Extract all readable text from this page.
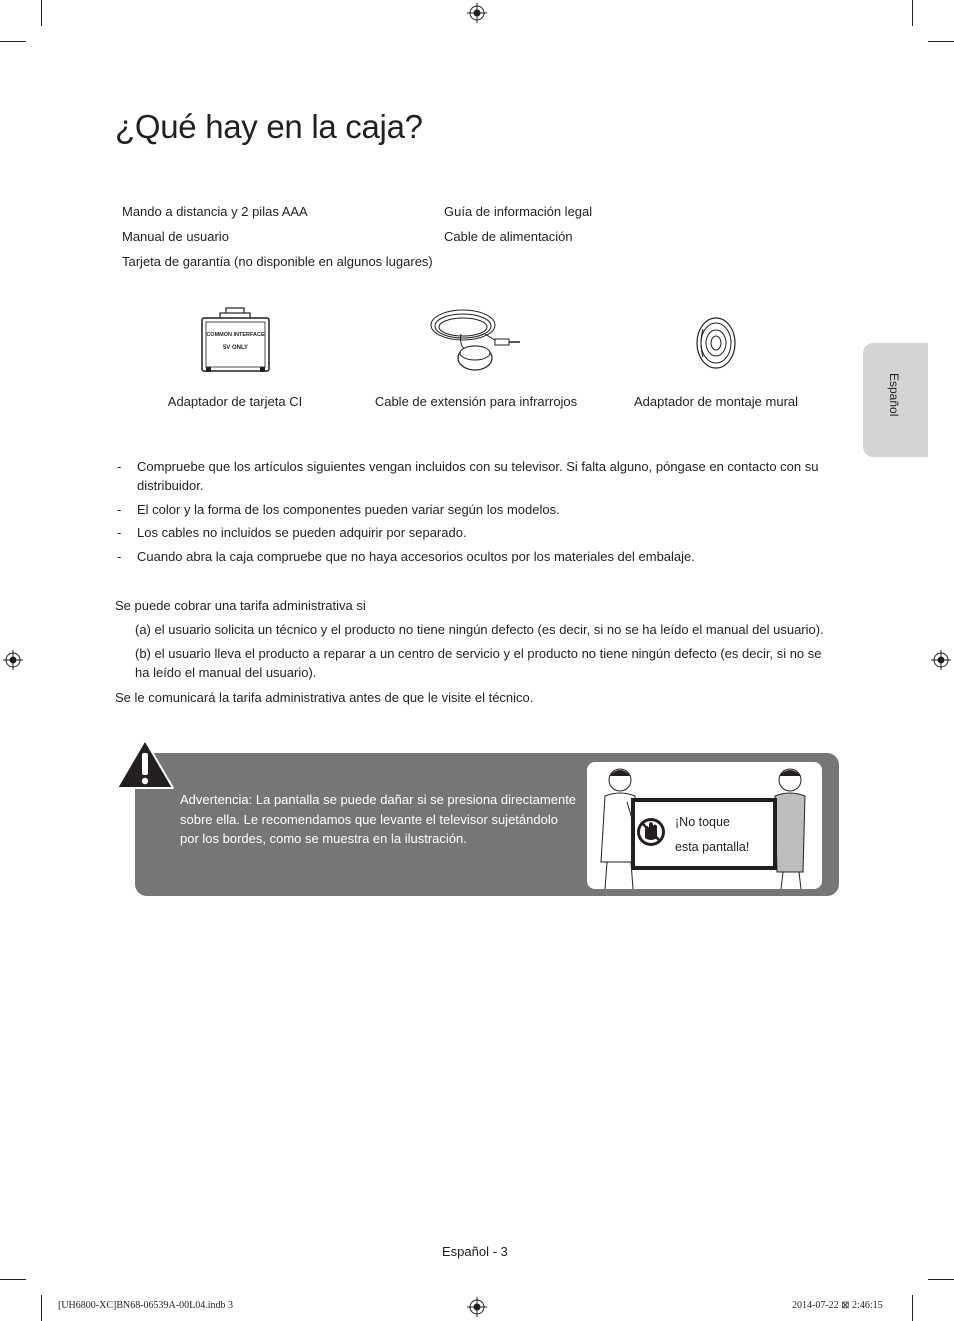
¿Qué hay en la caja?
Español
Mando a distancia y 2 pilas AAA
Manual de usuario
Tarjeta de garantía (no disponible en algunos lugares)
Guía de información legal
Cable de alimentación
COMMON INTERFACE
5V ONLY
Adaptador de tarjeta CI	Cable de extensión para infrarrojos	Adaptador de montaje mural
- Compruebe que los artículos siguientes vengan incluidos con su televisor. Si falta alguno, póngase en contacto con su distribuidor.
- El color y la forma de los componentes pueden variar según los modelos.
- Los cables no incluidos se pueden adquirir por separado.
- Cuando abra la caja compruebe que no haya accesorios ocultos por los materiales del embalaje.
Se puede cobrar una tarifa administrativa si
(a) el usuario solicita un técnico y el producto no tiene ningún defecto (es decir, si no se ha leído el manual del usuario).
(b) el usuario lleva el producto a reparar a un centro de servicio y el producto no tiene ningún defecto (es decir, si no se ha leído el manual del usuario).
Se le comunicará la tarifa administrativa antes de que le visite el técnico.
Advertencia: La pantalla se puede dañar si se presiona directamente sobre ella. Le recomendamos que levante el televisor sujetándolo por los bordes, como se muestra en la ilustración.
¡No toque
esta pantalla!
Español - 3
[UH6800-XC]BN68-06539A-00L04.indb 3	2014-07-22 ⊠ 2:46:15
